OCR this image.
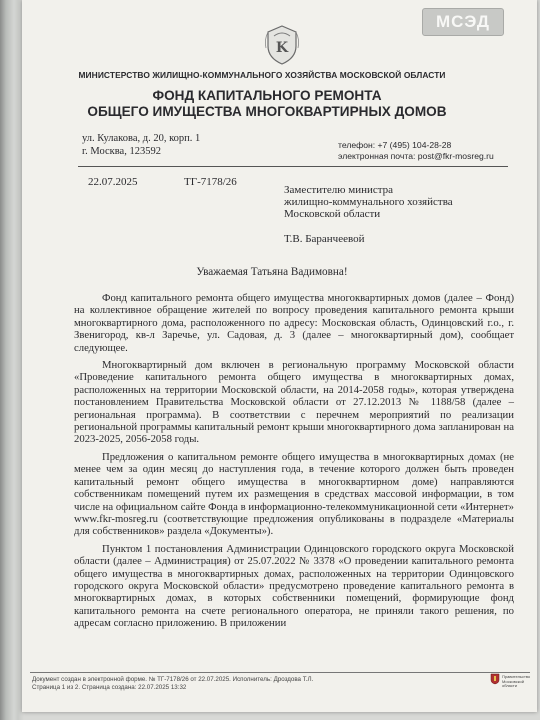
МСЭД
K
МИНИСТЕРСТВО ЖИЛИЩНО-КОММУНАЛЬНОГО ХОЗЯЙСТВА МОСКОВСКОЙ ОБЛАСТИ
ФОНД КАПИТАЛЬНОГО РЕМОНТА
ОБЩЕГО ИМУЩЕСТВА МНОГОКВАРТИРНЫХ ДОМОВ
ул. Кулакова, д. 20, корп. 1
г. Москва, 123592
телефон: +7 (495) 104-28-28
электронная почта: post@fkr-mosreg.ru
22.07.2025	ТГ-7178/26
Заместителю министра
жилищно-коммунального хозяйства
Московской области
Т.В. Баранчеевой
Уважаемая Татьяна Вадимовна!

Фонд капитального ремонта общего имущества многоквартирных домов (далее – Фонд) на коллективное обращение жителей по вопросу проведения капитального ремонта крыши многоквартирного дома, расположенного по адресу: Московская область, Одинцовский г.о., г. Звенигород, кв-л Заречье, ул. Садовая, д. 3 (далее – многоквартирный дом), сообщает следующее.

Многоквартирный дом включен в региональную программу Московской области «Проведение капитального ремонта общего имущества в многоквартирных домах, расположенных на территории Московской области, на 2014-2058 годы», которая утверждена постановлением Правительства Московской области от 27.12.2013 № 1188/58 (далее – региональная программа). В соответствии с перечнем мероприятий по реализации региональной программы капитальный ремонт крыши многоквартирного дома запланирован на 2023-2025, 2056-2058 годы.

Предложения о капитальном ремонте общего имущества в многоквартирных домах (не менее чем за один месяц до наступления года, в течение которого должен быть проведен капитальный ремонт общего имущества в многоквартирном доме) направляются собственникам помещений путем их размещения в средствах массовой информации, в том числе на официальном сайте Фонда в информационно-телекоммуникационной сети «Интернет» www.fkr-mosreg.ru (соответствующие предложения опубликованы в подразделе «Материалы для собственников» раздела «Документы»).

Пунктом 1 постановления Администрации Одинцовского городского округа Московской области (далее – Администрация) от 25.07.2022 № 3378 «О проведении капитального ремонта общего имущества в многоквартирных домах, расположенных на территории Одинцовского городского округа Московской области» предусмотрено проведение капитального ремонта в многоквартирных домах, в которых собственники помещений, формирующие фонд капитального ремонта на счете регионального оператора, не приняли такого решения, по адресам согласно приложению. В приложении

Документ создан в электронной форме. № ТГ-7178/26 от 22.07.2025. Исполнитель: Дроздова Т.Л.
Страница 1 из 2. Страница создана: 22.07.2025 13:32
Правительство
Московской области
